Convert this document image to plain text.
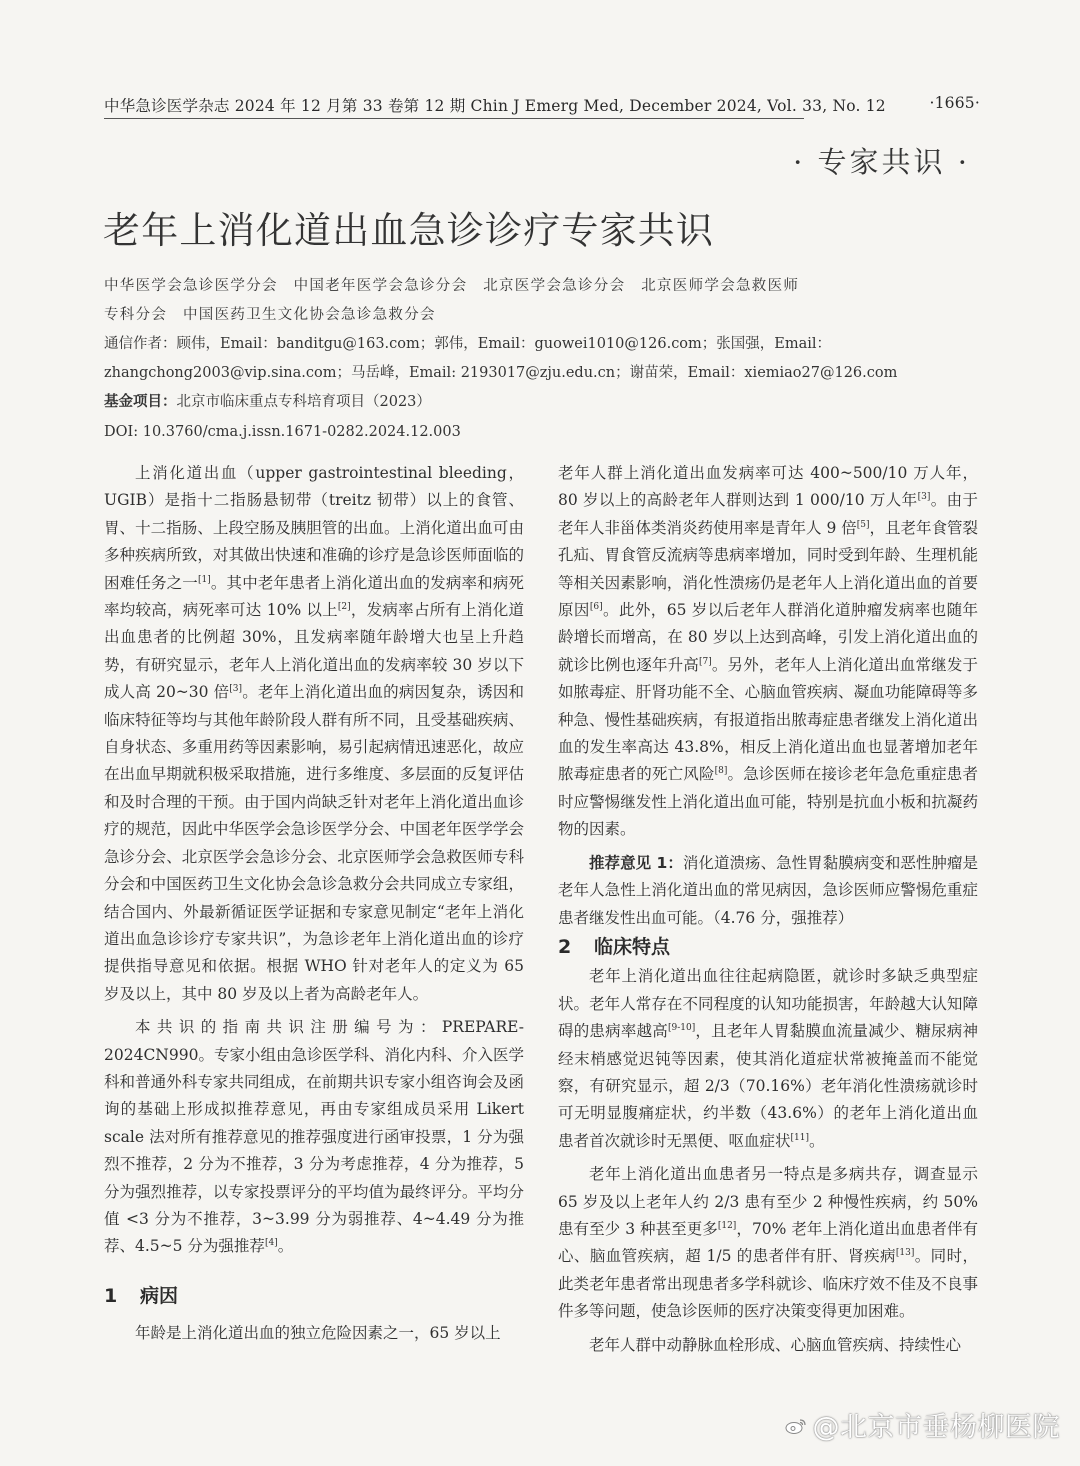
中华急诊医学杂志 2024 年 12 月第 33 卷第 12 期 Chin J Emerg Med, December 2024, Vol. 33, No. 12	·1665·
· 专家共识 ·
老年上消化道出血急诊诊疗专家共识
中华医学会急诊医学分会　中国老年医学会急诊分会　北京医学会急诊分会　北京医师学会急救医师
专科分会　中国医药卫生文化协会急诊急救分会
通信作者：顾伟，Email：banditgu@163.com；郭伟，Email：guowei1010@126.com；张国强，Email：
zhangchong2003@vip.sina.com；马岳峰，Email: 2193017@zju.edu.cn；谢苗荣，Email：xiemiao27@126.com
基金项目：北京市临床重点专科培育项目（2023）
DOI: 10.3760/cma.j.issn.1671-0282.2024.12.003

上消化道出血（upper gastrointestinal bleeding，UGIB）是指十二指肠悬韧带（treitz 韧带）以上的食管、胃、十二指肠、上段空肠及胰胆管的出血。上消化道出血可由多种疾病所致，对其做出快速和准确的诊疗是急诊医师面临的困难任务之一[1]。其中老年患者上消化道出血的发病率和病死率均较高，病死率可达 10% 以上[2]，发病率占所有上消化道出血患者的比例超 30%，且发病率随年龄增大也呈上升趋势，有研究显示，老年人上消化道出血的发病率较 30 岁以下成人高 20~30 倍[3]。老年上消化道出血的病因复杂，诱因和临床特征等均与其他年龄阶段人群有所不同，且受基础疾病、自身状态、多重用药等因素影响，易引起病情迅速恶化，故应在出血早期就积极采取措施，进行多维度、多层面的反复评估和及时合理的干预。由于国内尚缺乏针对老年上消化道出血诊疗的规范，因此中华医学会急诊医学分会、中国老年医学学会急诊分会、北京医学会急诊分会、北京医师学会急救医师专科分会和中国医药卫生文化协会急诊急救分会共同成立专家组，结合国内、外最新循证医学证据和专家意见制定“老年上消化道出血急诊诊疗专家共识”，为急诊老年上消化道出血的诊疗提供指导意见和依据。根据 WHO 针对老年人的定义为 65 岁及以上，其中 80 岁及以上者为高龄老年人。

本共识的指南共识注册编号为：PREPARE-2024CN990。专家小组由急诊医学科、消化内科、介入医学科和普通外科专家共同组成，在前期共识专家小组咨询会及函询的基础上形成拟推荐意见，再由专家组成员采用 Likert scale 法对所有推荐意见的推荐强度进行函审投票，1 分为强烈不推荐，2 分为不推荐，3 分为考虑推荐，4 分为推荐，5 分为强烈推荐，以专家投票评分的平均值为最终评分。平均分值 <3 分为不推荐，3~3.99 分为弱推荐、4~4.49 分为推荐、4.5~5 分为强推荐[4]。

1 病因

年龄是上消化道出血的独立危险因素之一，65 岁以上

老年人群上消化道出血发病率可达 400~500/10 万人年，80 岁以上的高龄老年人群则达到 1 000/10 万人年[3]。由于老年人非甾体类消炎药使用率是青年人 9 倍[5]，且老年食管裂孔疝、胃食管反流病等患病率增加，同时受到年龄、生理机能等相关因素影响，消化性溃疡仍是老年人上消化道出血的首要原因[6]。此外，65 岁以后老年人群消化道肿瘤发病率也随年龄增长而增高，在 80 岁以上达到高峰，引发上消化道出血的就诊比例也逐年升高[7]。另外，老年人上消化道出血常继发于如脓毒症、肝肾功能不全、心脑血管疾病、凝血功能障碍等多种急、慢性基础疾病，有报道指出脓毒症患者继发上消化道出血的发生率高达 43.8%，相反上消化道出血也显著增加老年脓毒症患者的死亡风险[8]。急诊医师在接诊老年急危重症患者时应警惕继发性上消化道出血可能，特别是抗血小板和抗凝药物的因素。

推荐意见 1：消化道溃疡、急性胃黏膜病变和恶性肿瘤是老年人急性上消化道出血的常见病因，急诊医师应警惕危重症患者继发性出血可能。（4.76 分，强推荐）

2 临床特点

老年上消化道出血往往起病隐匿，就诊时多缺乏典型症状。老年人常存在不同程度的认知功能损害，年龄越大认知障碍的患病率越高[9-10]，且老年人胃黏膜血流量减少、糖尿病神经末梢感觉迟钝等因素，使其消化道症状常被掩盖而不能觉察，有研究显示，超 2/3（70.16%）老年消化性溃疡就诊时可无明显腹痛症状，约半数（43.6%）的老年上消化道出血患者首次就诊时无黑便、呕血症状[11]。

老年上消化道出血患者另一特点是多病共存，调查显示 65 岁及以上老年人约 2/3 患有至少 2 种慢性疾病，约 50% 患有至少 3 种甚至更多[12]，70% 老年上消化道出血患者伴有心、脑血管疾病，超 1/5 的患者伴有肝、肾疾病[13]。同时，此类老年患者常出现患者多学科就诊、临床疗效不佳及不良事件多等问题，使急诊医师的医疗决策变得更加困难。

老年人群中动静脉血栓形成、心脑血管疾病、持续性心

@北京市垂杨柳医院
